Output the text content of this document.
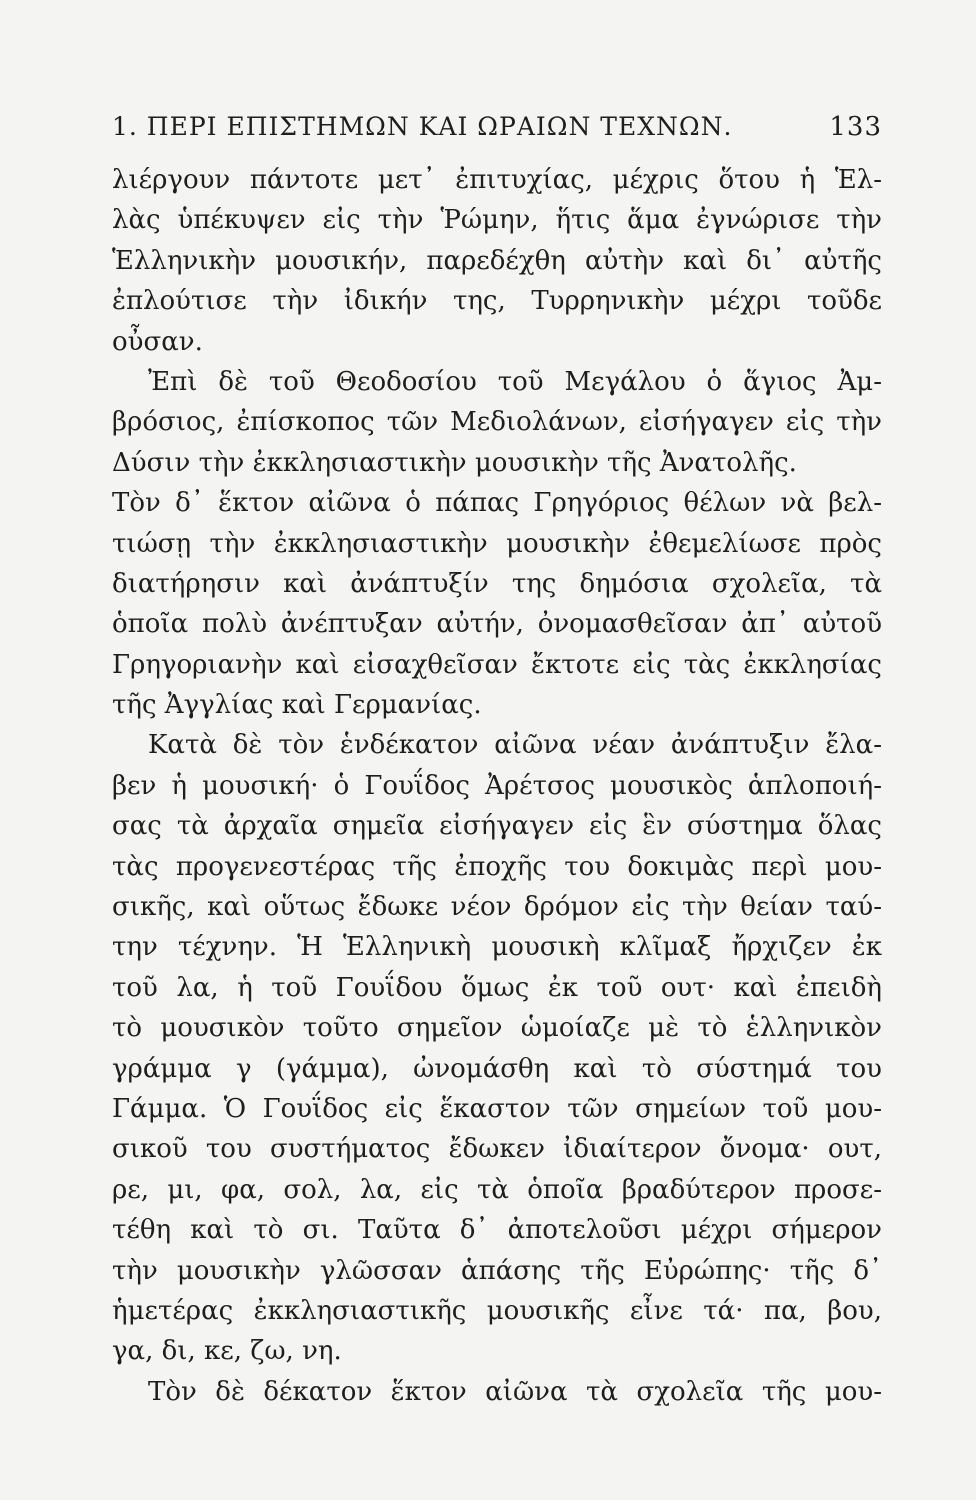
1. ΠΕΡΙ ΕΠΙΣΤΗΜΩΝ ΚΑΙ ΩΡΑΙΩΝ ΤΕΧΝΩΝ.	133
λιέργουν πάντοτε μετ᾽ ἐπιτυχίας, μέχρις ὅτου ἡ Ἑλ-
λὰς ὑπέκυψεν εἰς τὴν Ῥώμην, ἥτις ἅμα ἐγνώρισε τὴν
Ἑλληνικὴν μουσικήν, παρεδέχθη αὐτὴν καὶ δι᾽ αὐτῆς
ἐπλούτισε τὴν ἰδικήν της, Τυρρηνικὴν μέχρι τοῦδε
οὖσαν.
Ἐπὶ δὲ τοῦ Θεοδοσίου τοῦ Μεγάλου ὁ ἅγιος Ἀμ-
βρόσιος, ἐπίσκοπος τῶν Μεδιολάνων, εἰσήγαγεν εἰς τὴν
Δύσιν τὴν ἐκκλησιαστικὴν μουσικὴν τῆς Ἀνατολῆς.
Τὸν δ᾽ ἕκτον αἰῶνα ὁ πάπας Γρηγόριος θέλων νὰ βελ-
τιώσῃ τὴν ἐκκλησιαστικὴν μουσικὴν ἐθεμελίωσε πρὸς
διατήρησιν καὶ ἀνάπτυξίν της δημόσια σχολεῖα, τὰ
ὁποῖα πολὺ ἀνέπτυξαν αὐτήν, ὀνομασθεῖσαν ἀπ᾽ αὐτοῦ
Γρηγοριανὴν καὶ εἰσαχθεῖσαν ἔκτοτε εἰς τὰς ἐκκλησίας
τῆς Ἀγγλίας καὶ Γερμανίας.
Κατὰ δὲ τὸν ἑνδέκατον αἰῶνα νέαν ἀνάπτυξιν ἔλα-
βεν ἡ μουσική· ὁ Γουΐδος Ἀρέτσος μουσικὸς ἁπλοποιή-
σας τὰ ἀρχαῖα σημεῖα εἰσήγαγεν εἰς ἓν σύστημα ὅλας
τὰς προγενεστέρας τῆς ἐποχῆς του δοκιμὰς περὶ μου-
σικῆς, καὶ οὕτως ἔδωκε νέον δρόμον εἰς τὴν θείαν ταύ-
την τέχνην. Ἡ Ἑλληνικὴ μουσικὴ κλῖμαξ ἤρχιζεν ἐκ
τοῦ λα, ἡ τοῦ Γουΐδου ὅμως ἐκ τοῦ ουτ· καὶ ἐπειδὴ
τὸ μουσικὸν τοῦτο σημεῖον ὡμοίαζε μὲ τὸ ἑλληνικὸν
γράμμα γ (γάμμα), ὠνομάσθη καὶ τὸ σύστημά του
Γάμμα. Ὁ Γουΐδος εἰς ἕκαστον τῶν σημείων τοῦ μου-
σικοῦ του συστήματος ἔδωκεν ἰδιαίτερον ὄνομα· ουτ,
ρε, μι, φα, σολ, λα, εἰς τὰ ὁποῖα βραδύτερον προσε-
τέθη καὶ τὸ σι. Ταῦτα δ᾽ ἀποτελοῦσι μέχρι σήμερον
τὴν μουσικὴν γλῶσσαν ἁπάσης τῆς Εὐρώπης· τῆς δ᾽
ἡμετέρας ἐκκλησιαστικῆς μουσικῆς εἶνε τά· πα, βου,
γα, δι, κε, ζω, νη.
Τὸν δὲ δέκατον ἕκτον αἰῶνα τὰ σχολεῖα τῆς μου-
